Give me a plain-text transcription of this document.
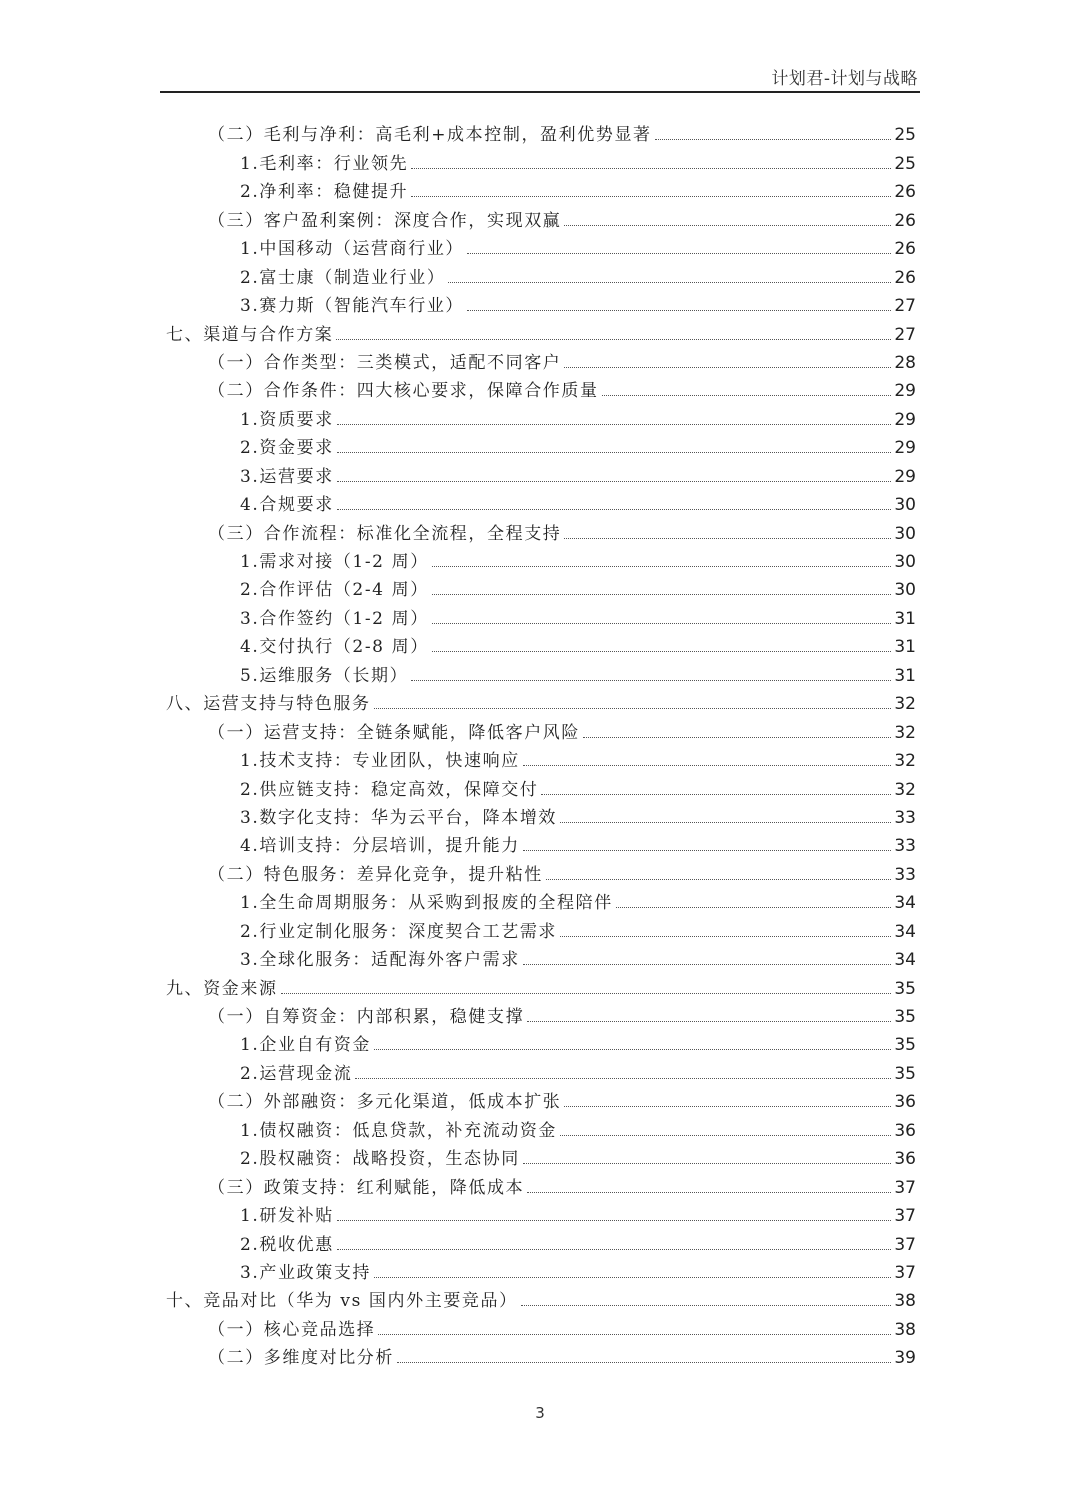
计划君-计划与战略
（二）毛利与净利：高毛利+成本控制，盈利优势显著	25
1.毛利率：行业领先	25
2.净利率：稳健提升	26
（三）客户盈利案例：深度合作，实现双赢	26
1.中国移动（运营商行业）	26
2.富士康（制造业行业）	26
3.赛力斯（智能汽车行业）	27
七、渠道与合作方案	27
（一）合作类型：三类模式，适配不同客户	28
（二）合作条件：四大核心要求，保障合作质量	29
1.资质要求	29
2.资金要求	29
3.运营要求	29
4.合规要求	30
（三）合作流程：标准化全流程，全程支持	30
1.需求对接（1-2 周）	30
2.合作评估（2-4 周）	30
3.合作签约（1-2 周）	31
4.交付执行（2-8 周）	31
5.运维服务（长期）	31
八、运营支持与特色服务	32
（一）运营支持：全链条赋能，降低客户风险	32
1.技术支持：专业团队，快速响应	32
2.供应链支持：稳定高效，保障交付	32
3.数字化支持：华为云平台，降本增效	33
4.培训支持：分层培训，提升能力	33
（二）特色服务：差异化竞争，提升粘性	33
1.全生命周期服务：从采购到报废的全程陪伴	34
2.行业定制化服务：深度契合工艺需求	34
3.全球化服务：适配海外客户需求	34
九、资金来源	35
（一）自筹资金：内部积累，稳健支撑	35
1.企业自有资金	35
2.运营现金流	35
（二）外部融资：多元化渠道，低成本扩张	36
1.债权融资：低息贷款，补充流动资金	36
2.股权融资：战略投资，生态协同	36
（三）政策支持：红利赋能，降低成本	37
1.研发补贴	37
2.税收优惠	37
3.产业政策支持	37
十、竞品对比（华为 vs 国内外主要竞品）	38
（一）核心竞品选择	38
（二）多维度对比分析	39
3
